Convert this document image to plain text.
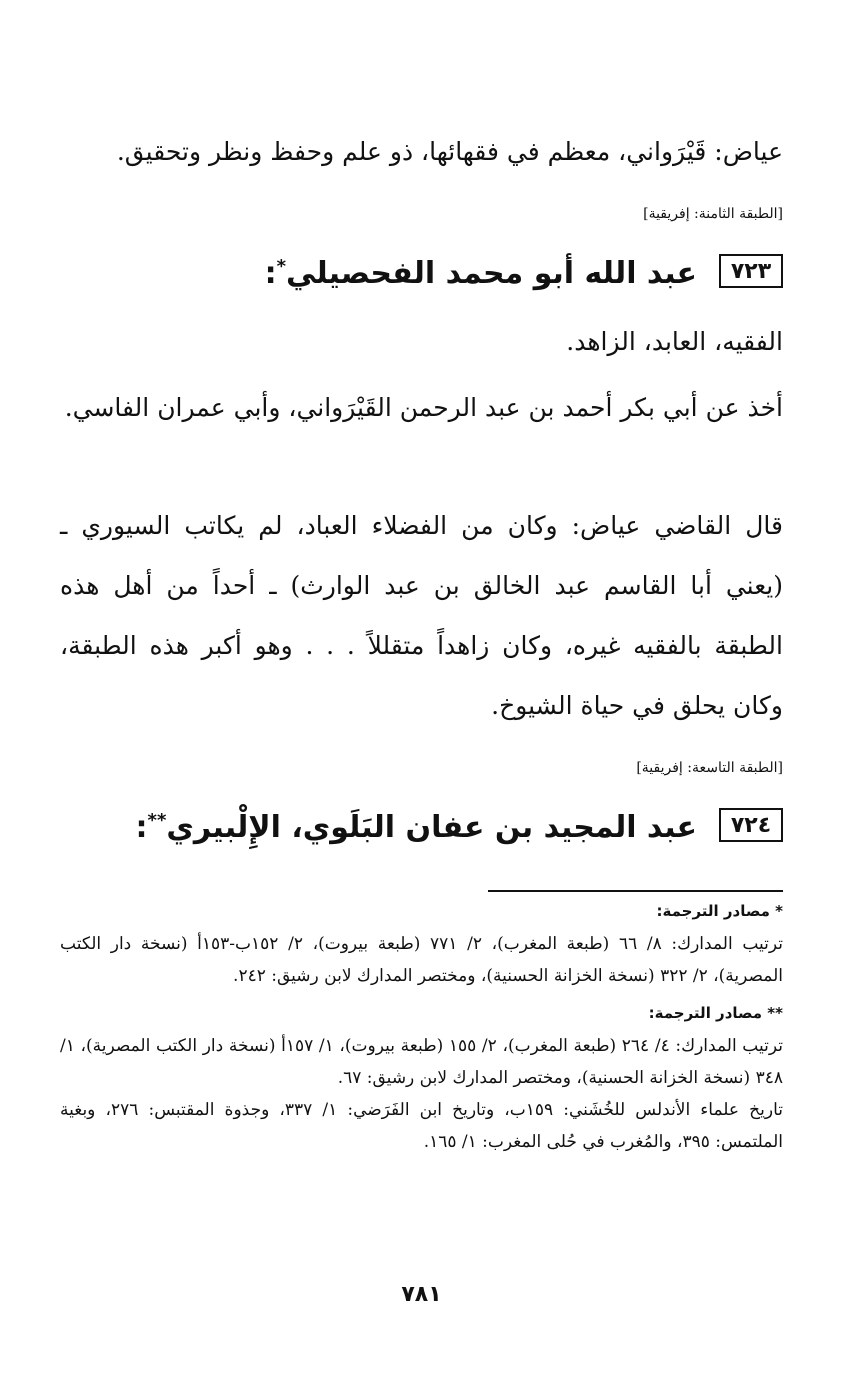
عياض: قَيْرَواني، معظم في فقهائها، ذو علم وحفظ ونظر وتحقيق.

[الطبقة الثامنة: إفريقية]
٧٢٣
عبد الله أبو محمد الفحصيلي*:

الفقيه، العابد، الزاهد.

أخذ عن أبي بكر أحمد بن عبد الرحمن القَيْرَواني، وأبي عمران الفاسي.

قال القاضي عياض: وكان من الفضلاء العباد، لم يكاتب السيوري ـ (يعني أبا القاسم عبد الخالق بن عبد الوارث) ـ أحداً من أهل هذه الطبقة بالفقيه غيره، وكان زاهداً متقللاً . . . وهو أكبر هذه الطبقة، وكان يحلق في حياة الشيوخ.

[الطبقة التاسعة: إفريقية]
٧٢٤
عبد المجيد بن عفان البَلَوي، الإِلْبيري**:
* مصادر الترجمة:

ترتيب المدارك: ٨/ ٦٦ (طبعة المغرب)، ٢/ ٧٧١ (طبعة بيروت)، ٢/ ١٥٢ب-١٥٣أ (نسخة دار الكتب المصرية)، ٢/ ٣٢٢ (نسخة الخزانة الحسنية)، ومختصر المدارك لابن رشيق: ٢٤٢.

** مصادر الترجمة:

ترتيب المدارك: ٤/ ٢٦٤ (طبعة المغرب)، ٢/ ١٥٥ (طبعة بيروت)، ١/ ١٥٧أ (نسخة دار الكتب المصرية)، ١/ ٣٤٨ (نسخة الخزانة الحسنية)، ومختصر المدارك لابن رشيق: ٦٧.

تاريخ علماء الأندلس للخُشَني: ١٥٩ب، وتاريخ ابن الفَرَضي: ١/ ٣٣٧، وجذوة المقتبس: ٢٧٦، وبغية الملتمس: ٣٩٥، والمُغرب في حُلى المغرب: ١/ ١٦٥.

٧٨١
